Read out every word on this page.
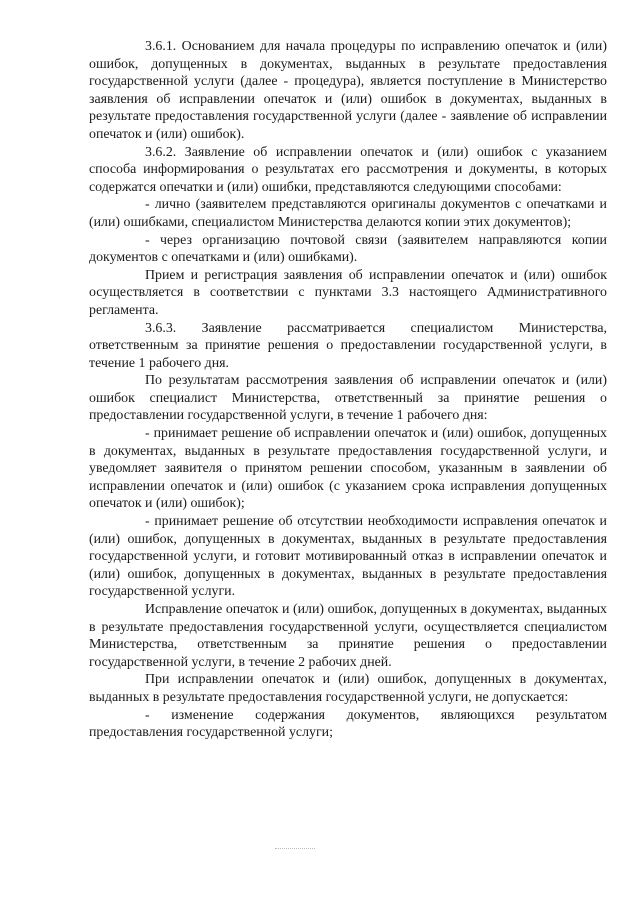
3.6.1. Основанием для начала процедуры по исправлению опечаток и (или) ошибок, допущенных в документах, выданных в результате предоставления государственной услуги (далее - процедура), является поступление в Министерство заявления об исправлении опечаток и (или) ошибок в документах, выданных в результате предоставления государственной услуги (далее - заявление об исправлении опечаток и (или) ошибок).

3.6.2. Заявление об исправлении опечаток и (или) ошибок с указанием способа информирования о результатах его рассмотрения и документы, в которых содержатся опечатки и (или) ошибки, представляются следующими способами:

- лично (заявителем представляются оригиналы документов с опечатками и (или) ошибками, специалистом Министерства делаются копии этих документов);

- через организацию почтовой связи (заявителем направляются копии документов с опечатками и (или) ошибками).

Прием и регистрация заявления об исправлении опечаток и (или) ошибок осуществляется в соответствии с пунктами 3.3 настоящего Административного регламента.

3.6.3. Заявление рассматривается специалистом Министерства, ответственным за принятие решения о предоставлении государственной услуги, в течение 1 рабочего дня.

По результатам рассмотрения заявления об исправлении опечаток и (или) ошибок специалист Министерства, ответственный за принятие решения о предоставлении государственной услуги, в течение 1 рабочего дня:

- принимает решение об исправлении опечаток и (или) ошибок, допущенных в документах, выданных в результате предоставления государственной услуги, и уведомляет заявителя о принятом решении способом, указанным в заявлении об исправлении опечаток и (или) ошибок (с указанием срока исправления допущенных опечаток и (или) ошибок);

- принимает решение об отсутствии необходимости исправления опечаток и (или) ошибок, допущенных в документах, выданных в результате предоставления государственной услуги, и готовит мотивированный отказ в исправлении опечаток и (или) ошибок, допущенных в документах, выданных в результате предоставления государственной услуги.

Исправление опечаток и (или) ошибок, допущенных в документах, выданных в результате предоставления государственной услуги, осуществляется специалистом Министерства, ответственным за принятие решения о предоставлении государственной услуги, в течение 2 рабочих дней.

При исправлении опечаток и (или) ошибок, допущенных в документах, выданных в результате предоставления государственной услуги, не допускается:

- изменение содержания документов, являющихся результатом предоставления государственной услуги;
